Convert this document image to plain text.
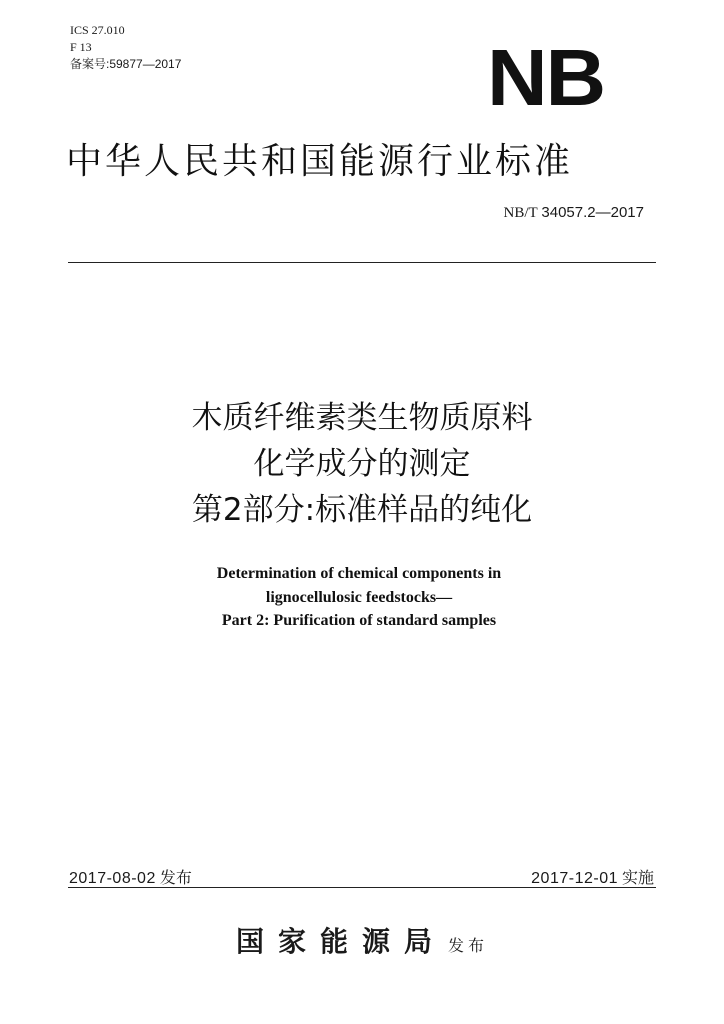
ICS 27.010
F 13
备案号:59877—2017	NB
中华人民共和国能源行业标准
NB/T 34057.2—2017
木质纤维素类生物质原料
化学成分的测定
第2部分:标准样品的纯化
Determination of chemical components in
lignocellulosic feedstocks—
Part 2: Purification of standard samples
2017-08-02 发布	2017-12-01 实施
国家能源局 发布
